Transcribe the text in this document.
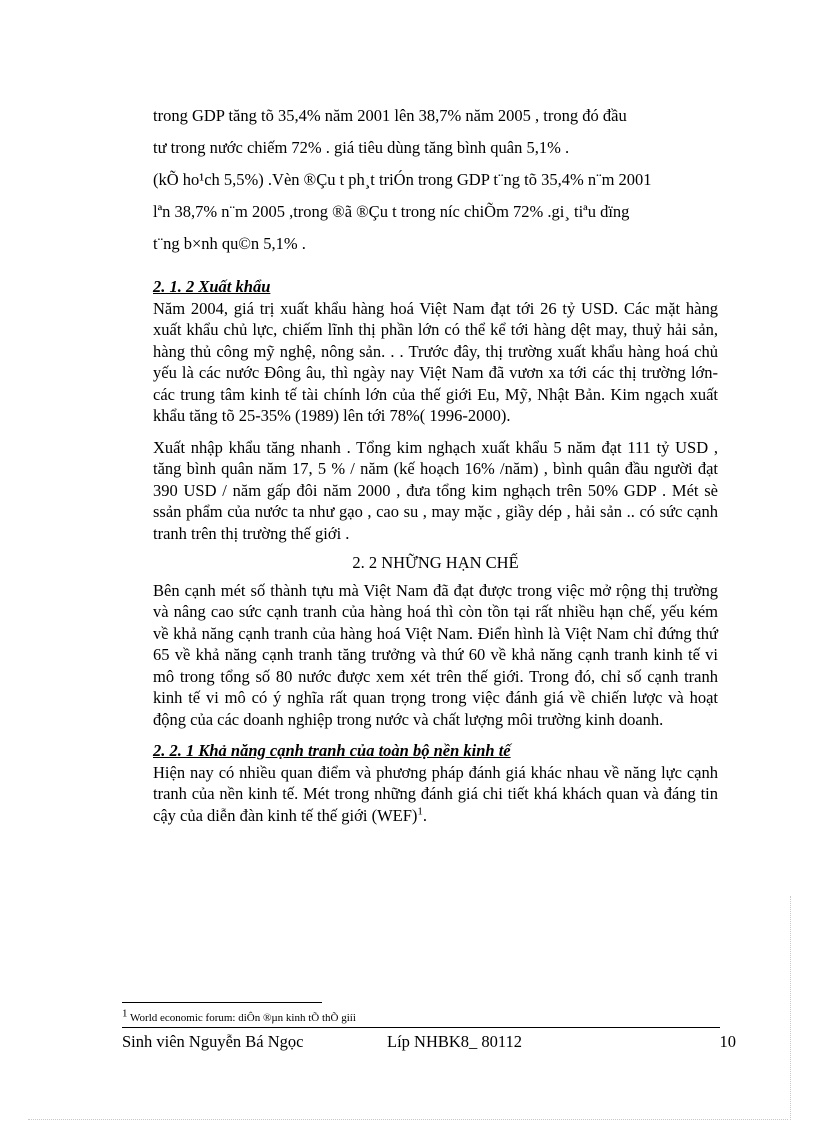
trong GDP tăng tõ 35,4% năm 2001 lên 38,7% năm 2005 , trong đó đầu

tư trong nước chiếm 72% . giá tiêu dùng tăng bình quân 5,1% .

(kÕ ho¹ch 5,5%) .Vèn ®Çu t ph¸t triÓn trong GDP t¨ng tõ 35,4% n¨m 2001

lªn 38,7% n¨m 2005 ,trong ®ã ®Çu t trong níc chiÕm 72% .gi¸ tiªu dïng

t¨ng b×nh qu©n 5,1% .

2. 1. 2 Xuất khẩu

Năm 2004, giá trị xuất khẩu hàng hoá Việt Nam đạt tới 26 tỷ USD. Các mặt hàng xuất khẩu chủ lực, chiếm lĩnh thị phần lớn có thể kể tới hàng dệt may, thuỷ hải sản, hàng thủ công mỹ nghệ, nông sản. . . Trước đây, thị trường xuất khẩu hàng hoá chủ yếu là các nước Đông âu, thì ngày nay Việt Nam đã vươn xa tới các thị trường lớn- các trung tâm kinh tế tài chính lớn của thế giới Eu, Mỹ, Nhật Bản. Kim ngạch xuất khẩu tăng tõ 25-35% (1989) lên tới 78%( 1996-2000).

Xuất nhập khẩu tăng nhanh . Tổng kim nghạch xuất khẩu 5 năm đạt 111 tỷ USD , tăng bình quân năm 17, 5 % / năm (kế hoạch 16% /năm) , bình quân đầu người đạt 390 USD / năm gấp đôi năm 2000 , đưa tổng kim nghạch trên 50% GDP . Mét sè ssản phẩm của nước ta như gạo , cao su , may mặc , giầy dép , hải sản .. có sức cạnh tranh trên thị trường thế giới .

2. 2 NHỮNG HẠN CHẾ

Bên cạnh mét số thành tựu mà Việt Nam đã đạt được trong việc mở rộng thị trường và nâng cao sức cạnh tranh của hàng hoá thì còn tồn tại rất nhiều hạn chế, yếu kém về khả năng cạnh tranh của hàng hoá Việt Nam. Điển hình là Việt Nam chỉ đứng thứ 65 về khả năng cạnh tranh tăng trưởng và thứ 60 về khả năng cạnh tranh kinh tế vi mô trong tổng số 80 nước được xem xét trên thế giới. Trong đó, chỉ số cạnh tranh kinh tế vi mô có ý nghĩa rất quan trọng trong việc đánh giá về chiến lược và hoạt động của các doanh nghiệp trong nước và chất lượng môi trường kinh doanh.

2. 2. 1 Khả năng cạnh tranh của toàn bộ nền kinh tế

Hiện nay có nhiều quan điểm và phương pháp đánh giá khác nhau về năng lực cạnh tranh của nền kinh tế. Mét trong những đánh giá chi tiết khá khách quan và đáng tin cậy của diễn đàn kinh tế thế giới (WEF)$^1$.

1 World economic forum: diÔn ®µn kinh tÕ thÕ giíi
Sinh viên Nguyễn Bá Ngọc	Líp NHBK8_ 80112	10
